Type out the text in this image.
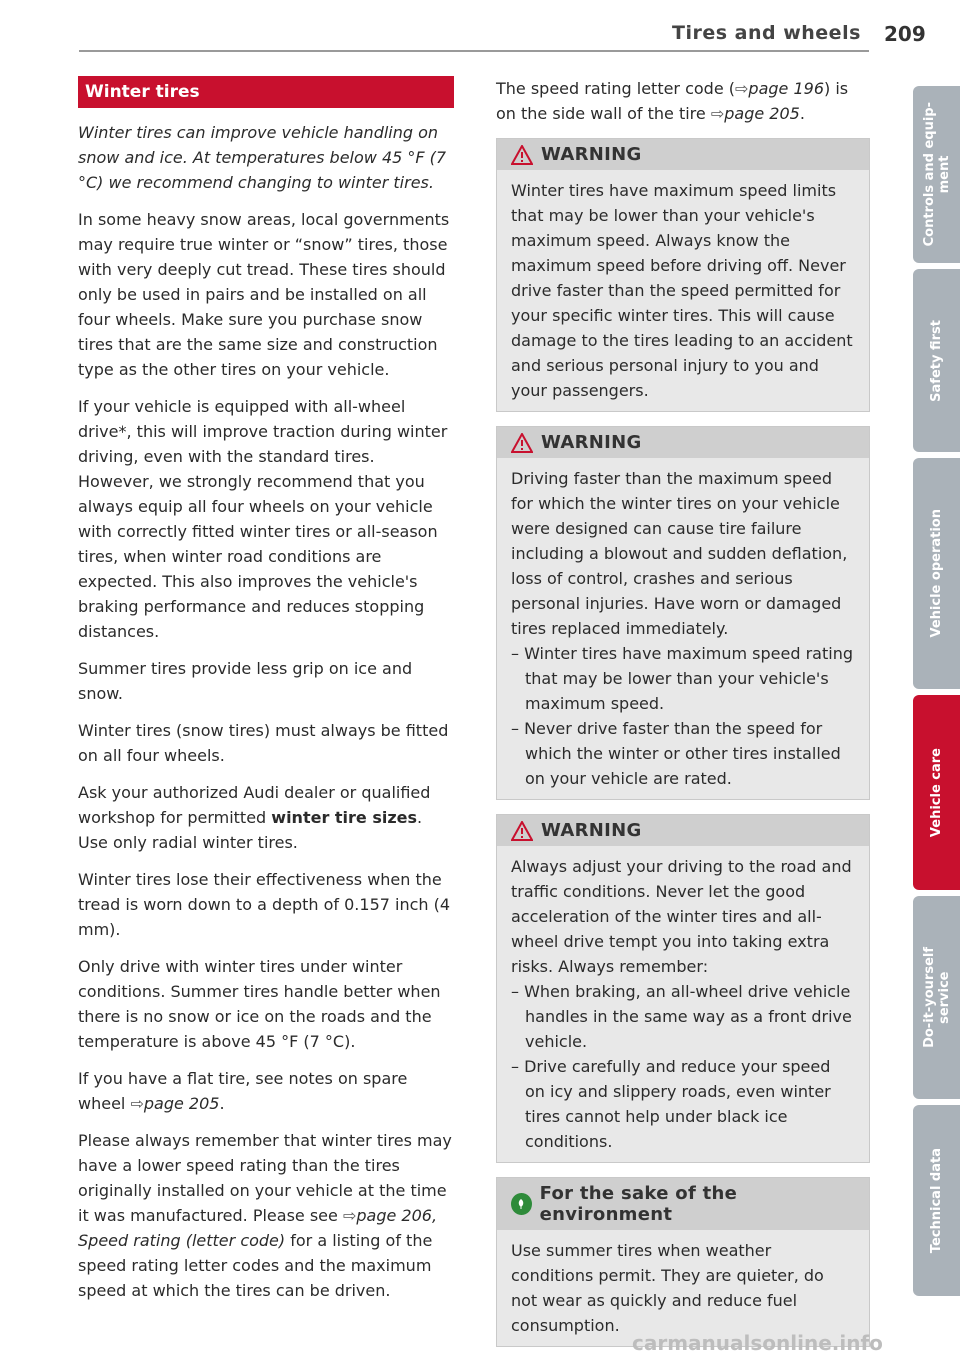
Tires and wheels 209
Winter tires

Winter tires can improve vehicle handling on snow and ice. At temperatures below 45 °F (7 °C) we recommend changing to winter tires.

In some heavy snow areas, local governments may require true winter or “snow” tires, those with very deeply cut tread. These tires should only be used in pairs and be installed on all four wheels. Make sure you purchase snow tires that are the same size and construction type as the other tires on your vehicle.

If your vehicle is equipped with all-wheel drive*, this will improve traction during winter driving, even with the standard tires. However, we strongly recommend that you always equip all four wheels on your vehicle with correctly fitted winter tires or all-season tires, when winter road conditions are expected. This also improves the vehicle's braking performance and reduces stopping distances.

Summer tires provide less grip on ice and snow.

Winter tires (snow tires) must always be fitted on all four wheels.

Ask your authorized Audi dealer or qualified workshop for permitted winter tire sizes. Use only radial winter tires.

Winter tires lose their effectiveness when the tread is worn down to a depth of 0.157 inch (4 mm).

Only drive with winter tires under winter conditions. Summer tires handle better when there is no snow or ice on the roads and the temperature is above 45 °F (7 °C).

If you have a flat tire, see notes on spare wheel ⇨page 205.

Please always remember that winter tires may have a lower speed rating than the tires originally installed on your vehicle at the time it was manufactured. Please see ⇨page 206, Speed rating (letter code) for a listing of the speed rating letter codes and the maximum speed at which the tires can be driven.

The speed rating letter code (⇨page 196) is on the side wall of the tire ⇨page 205.

WARNING

Winter tires have maximum speed limits that may be lower than your vehicle's maximum speed. Always know the maximum speed before driving off. Never drive faster than the speed permitted for your specific winter tires. This will cause damage to the tires leading to an accident and serious personal injury to you and your passengers.

WARNING

Driving faster than the maximum speed for which the winter tires on your vehicle were designed can cause tire failure including a blowout and sudden deflation, loss of control, crashes and serious personal injuries. Have worn or damaged tires replaced immediately.

– Winter tires have maximum speed rating that may be lower than your vehicle's maximum speed.
– Never drive faster than the speed for which the winter or other tires installed on your vehicle are rated.
WARNING

Always adjust your driving to the road and traffic conditions. Never let the good acceleration of the winter tires and all-wheel drive tempt you into taking extra risks. Always remember:

– When braking, an all-wheel drive vehicle handles in the same way as a front drive vehicle.
– Drive carefully and reduce your speed on icy and slippery roads, even winter tires cannot help under black ice conditions.
For the sake of the environment

Use summer tires when weather conditions permit. They are quieter, do not wear as quickly and reduce fuel consumption.

Controls and equip-
ment
Safety first
Vehicle operation
Vehicle care
Do-it-yourself
service
Technical data
carmanualsonline.info
